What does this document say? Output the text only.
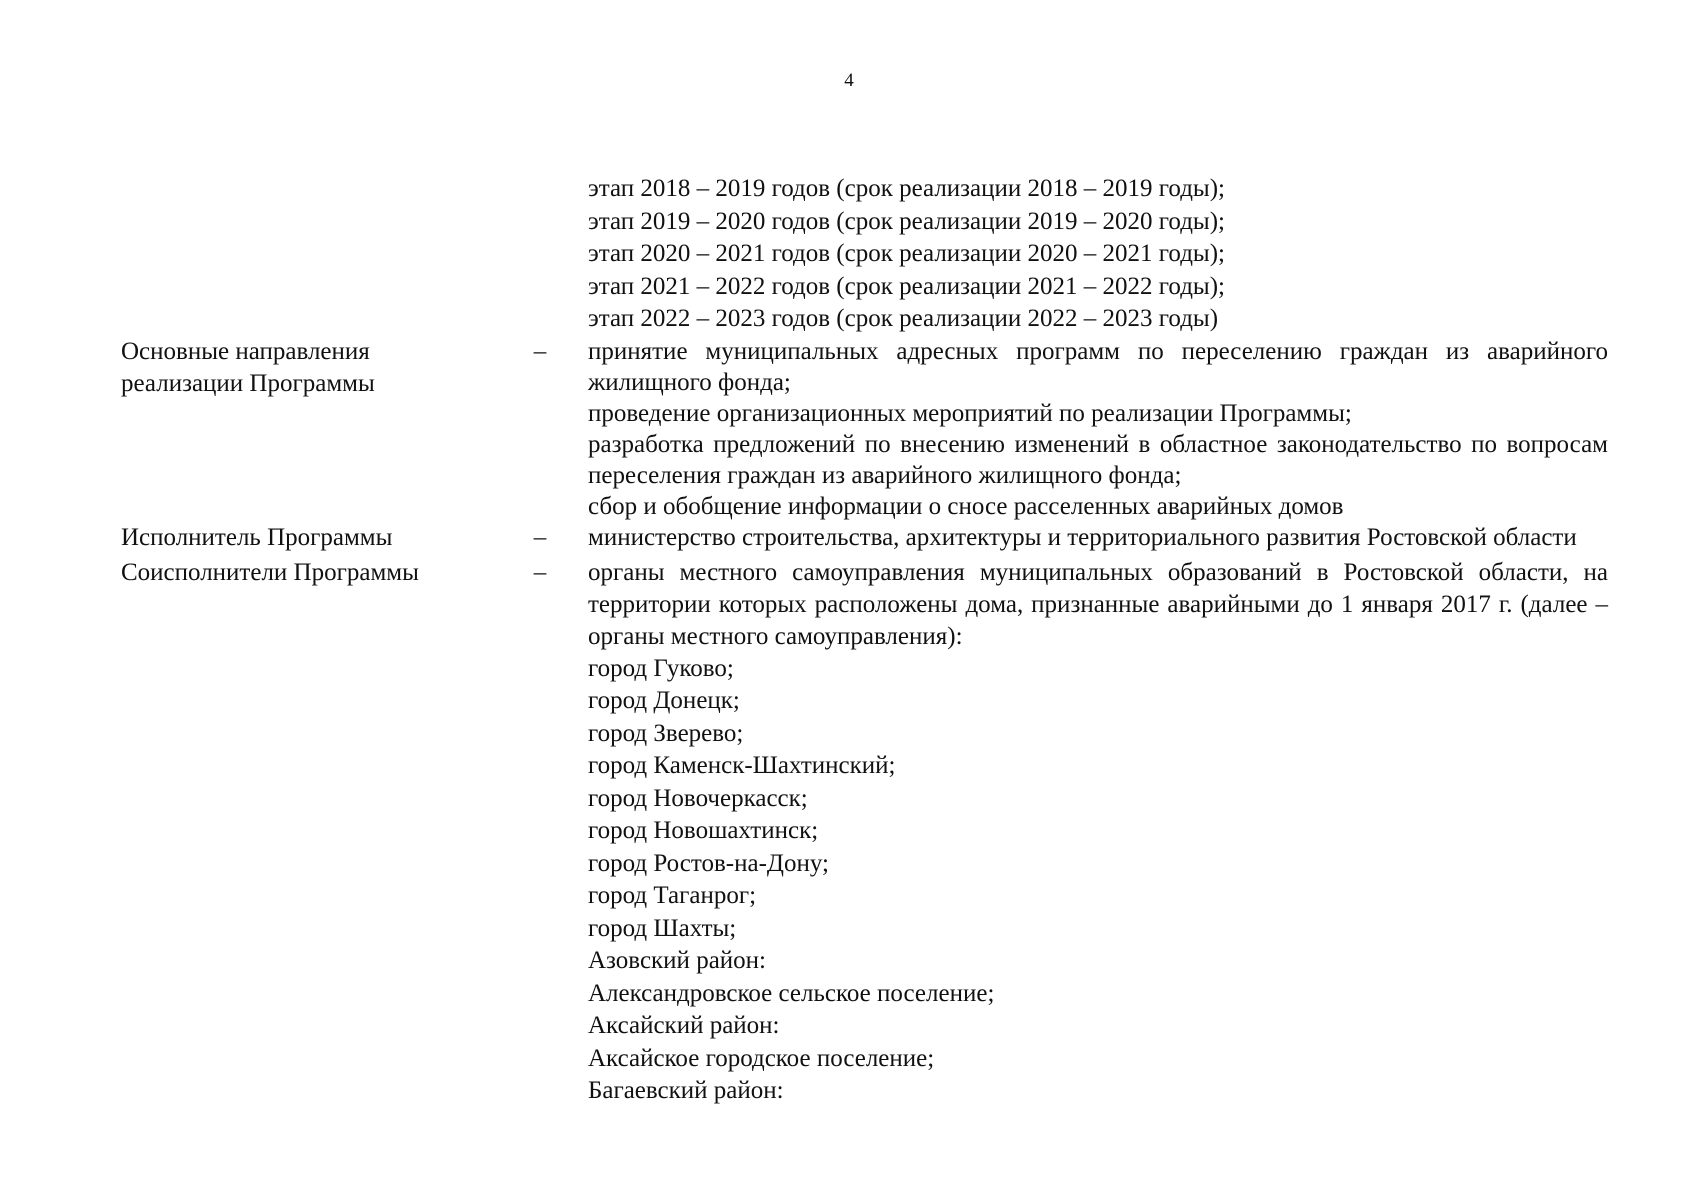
4
этап 2018 – 2019 годов (срок реализации 2018 – 2019 годы);
этап 2019 – 2020 годов (срок реализации 2019 – 2020 годы);
этап 2020 – 2021 годов (срок реализации 2020 – 2021 годы);
этап 2021 – 2022 годов (срок реализации 2021 – 2022 годы);
этап 2022 – 2023 годов (срок реализации 2022 – 2023 годы)
Основные направления реализации Программы
– принятие муниципальных адресных программ по переселению граждан из аварийного жилищного фонда;
проведение организационных мероприятий по реализации Программы;
разработка предложений по внесению изменений в областное законодательство по вопросам переселения граждан из аварийного жилищного фонда;
сбор и обобщение информации о сносе расселенных аварийных домов
Исполнитель Программы	– министерство строительства, архитектуры и территориального развития Ростовской области
Соисполнители Программы	– органы местного самоуправления муниципальных образований в Ростовской области, на территории которых расположены дома, признанные аварийными до 1 января 2017 г. (далее – органы местного самоуправления):
город Гуково;
город Донецк;
город Зверево;
город Каменск-Шахтинский;
город Новочеркасск;
город Новошахтинск;
город Ростов-на-Дону;
город Таганрог;
город Шахты;
Азовский район:
Александровское сельское поселение;
Аксайский район:
Аксайское городское поселение;
Багаевский район:
